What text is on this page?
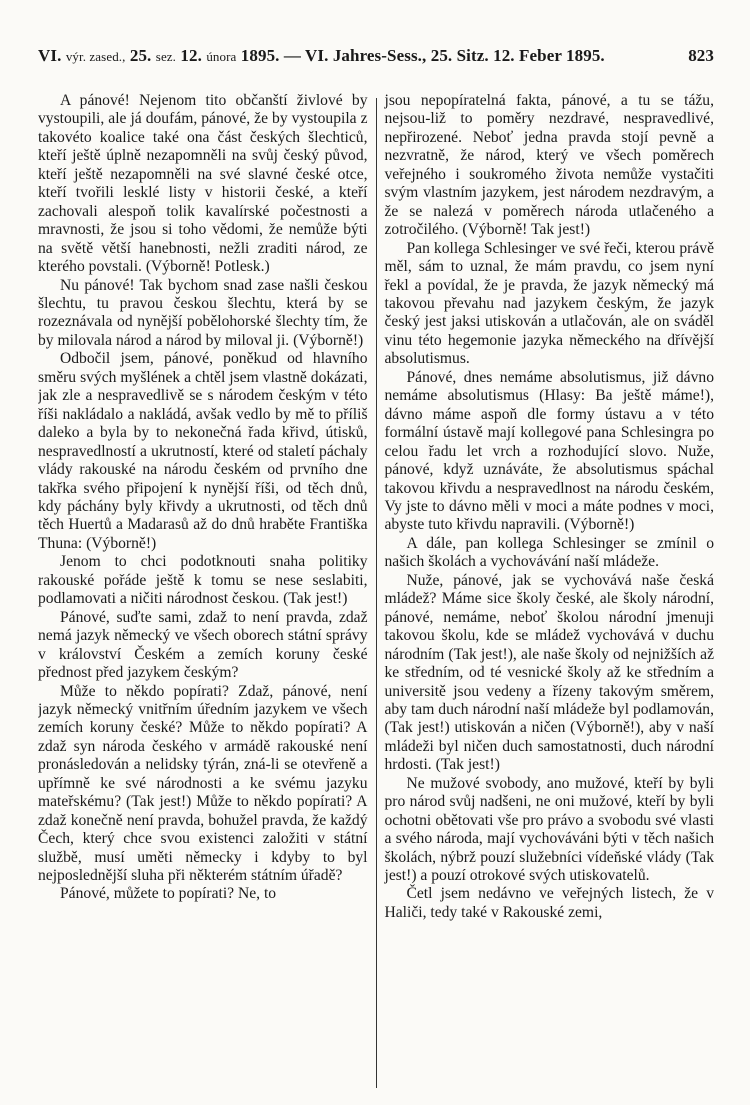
VI. výr. zased., 25. sez. 12. února 1895. — VI. Jahres-Sess., 25. Sitz. 12. Feber 1895.	823

A pánové! Nejenom tito občanští živlové by vystoupili, ale já doufám, pánové, že by vystoupila z takovéto koalice také ona část českých šlechticů, kteří ještě úplně nezapomněli na svůj český původ, kteří ještě nezapomněli na své slavné české otce, kteří tvořili lesklé listy v historii české, a kteří zachovali alespoň tolik kavalírské počestnosti a mravnosti, že jsou si toho vědomi, že nemůže býti na světě větší hanebnosti, nežli zraditi národ, ze kterého povstali. (Výborně! Potlesk.)

Nu pánové! Tak bychom snad zase našli českou šlechtu, tu pravou českou šlechtu, která by se rozeznávala od nynější pobělohorské šlechty tím, že by milovala národ a národ by miloval ji. (Výborně!)

Odbočil jsem, pánové, poněkud od hlavního směru svých myšlének a chtěl jsem vlastně dokázati, jak zle a nespravedlivě se s národem českým v této říši nakládalo a nakládá, avšak vedlo by mě to příliš daleko a byla by to nekonečná řada křivd, útisků, nespravedlností a ukrutností, které od staletí páchaly vlády rakouské na národu českém od prvního dne takřka svého připojení k nynější říši, od těch dnů, kdy páchány byly křivdy a ukrutnosti, od těch dnů těch Huertů a Madarasů až do dnů hraběte Františka Thuna: (Výborně!)

Jenom to chci podotknouti snaha politiky rakouské pořáde ještě k tomu se nese seslabiti, podlamovati a ničiti národnost českou. (Tak jest!)

Pánové, suďte sami, zdaž to není pravda, zdaž nemá jazyk německý ve všech oborech státní správy v království Českém a zemích koruny české přednost před jazykem českým?

Může to někdo popírati? Zdaž, pánové, není jazyk německý vnitřním úředním jazykem ve všech zemích koruny české? Může to někdo popírati? A zdaž syn národa českého v armádě rakouské není pronásledován a nelidsky týrán, zná-li se otevřeně a upřímně ke své národnosti a ke svému jazyku mateřskému? (Tak jest!) Může to někdo popírati? A zdaž konečně není pravda, bohužel pravda, že každý Čech, který chce svou existenci založiti v státní službě, musí uměti německy i kdyby to byl nejposlednější sluha při některém státním úřadě?

Pánové, můžete to popírati? Ne, to

jsou nepopíratelná fakta, pánové, a tu se tážu, nejsou-liž to poměry nezdravé, nespravedlivé, nepřirozené. Neboť jedna pravda stojí pevně a nezvratně, že národ, který ve všech poměrech veřejného i soukromého života nemůže vystačiti svým vlastním jazykem, jest národem nezdravým, a že se nalezá v poměrech národa utlačeného a zotročilého. (Výborně! Tak jest!)

Pan kollega Schlesinger ve své řeči, kterou právě měl, sám to uznal, že mám pravdu, co jsem nyní řekl a povídal, že je pravda, že jazyk německý má takovou převahu nad jazykem českým, že jazyk český jest jaksi utiskován a utlačován, ale on sváděl vinu této hegemonie jazyka německého na dřívější absolutismus.

Pánové, dnes nemáme absolutismus, již dávno nemáme absolutismus (Hlasy: Ba ještě máme!), dávno máme aspoň dle formy ústavu a v této formální ústavě mají kollegové pana Schlesingra po celou řadu let vrch a rozhodující slovo. Nuže, pánové, když uznáváte, že absolutismus spáchal takovou křivdu a nespravedlnost na národu českém, Vy jste to dávno měli v moci a máte podnes v moci, abyste tuto křivdu napravili. (Výborně!)

A dále, pan kollega Schlesinger se zmínil o našich školách a vychovávání naší mládeže.

Nuže, pánové, jak se vychovává naše česká mládež? Máme sice školy české, ale školy národní, pánové, nemáme, neboť školou národní jmenuji takovou školu, kde se mládež vychovává v duchu národním (Tak jest!), ale naše školy od nejnižších až ke středním, od té vesnické školy až ke středním a universitě jsou vedeny a řízeny takovým směrem, aby tam duch národní naší mládeže byl podlamován, (Tak jest!) utiskován a ničen (Výborně!), aby v naší mládeži byl ničen duch samostatnosti, duch národní hrdosti. (Tak jest!)

Ne mužové svobody, ano mužové, kteří by byli pro národ svůj nadšeni, ne oni mužové, kteří by byli ochotni obětovati vše pro právo a svobodu své vlasti a svého národa, mají vychováváni býti v těch našich školách, nýbrž pouzí služebníci vídeňské vlády (Tak jest!) a pouzí otrokové svých utiskovatelů.

Četl jsem nedávno ve veřejných listech, že v Haliči, tedy také v Rakouské zemi,
